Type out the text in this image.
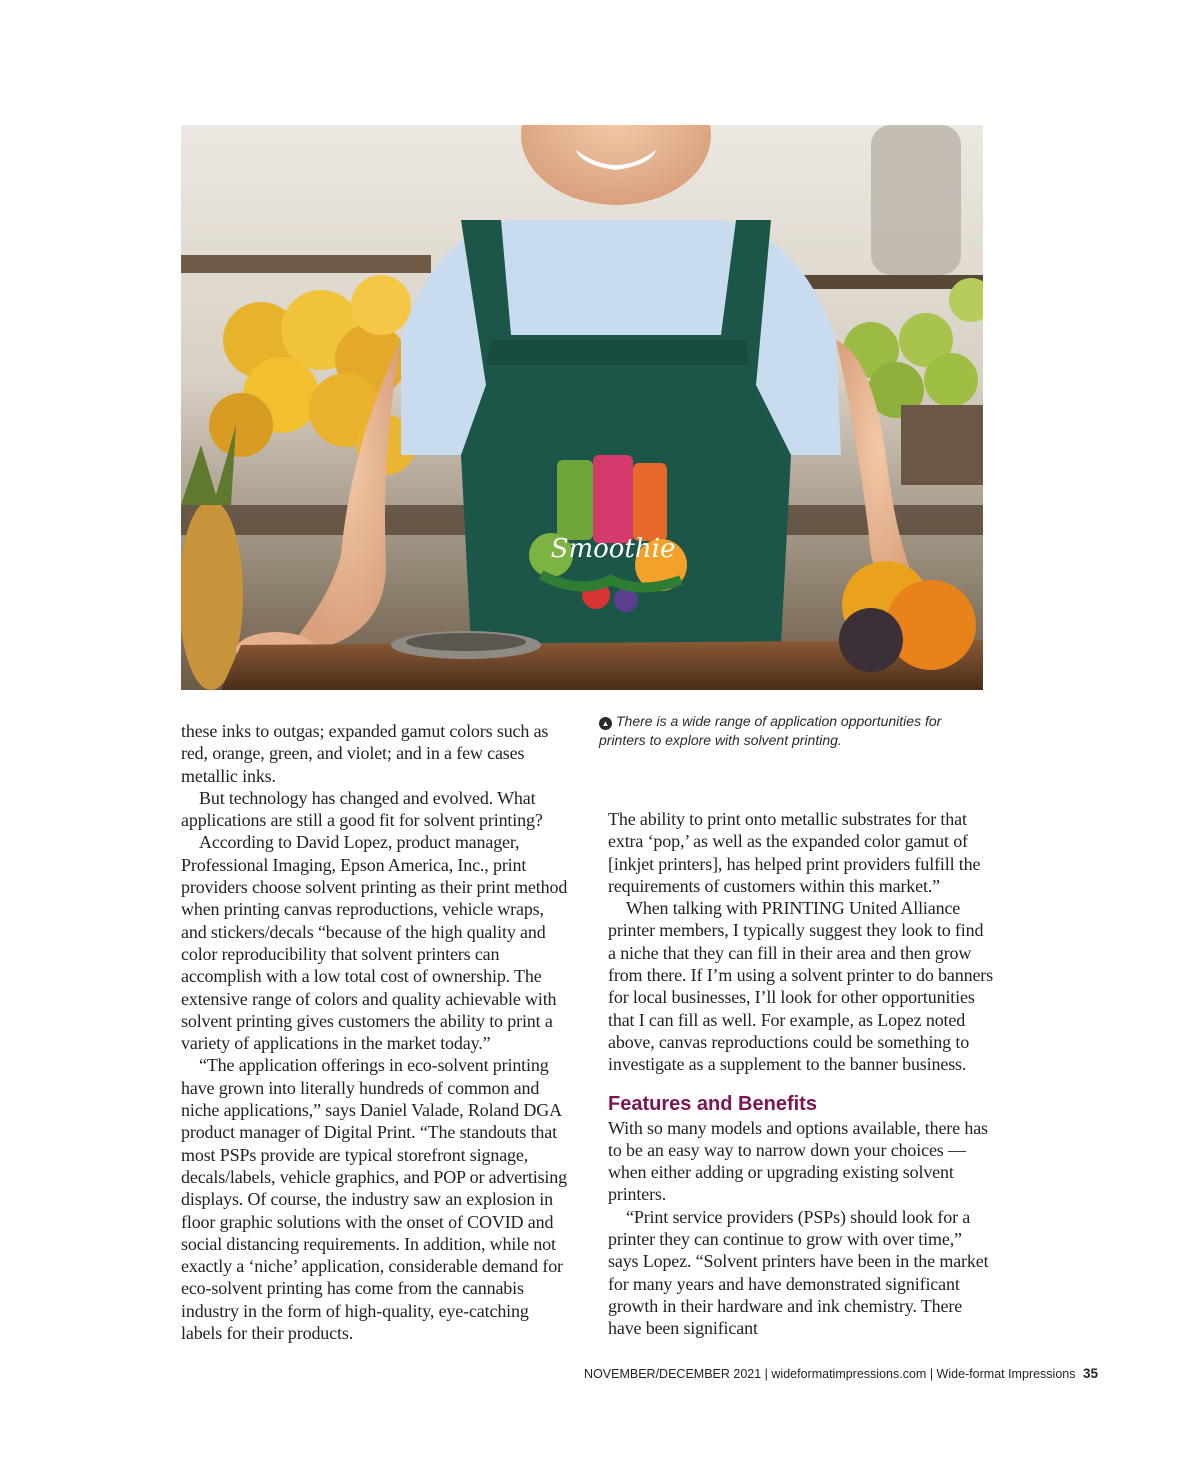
Smoothie
▲ There is a wide range of application opportunities for printers to explore with solvent printing.

these inks to outgas; expanded gamut colors such as red, orange, green, and violet; and in a few cases metallic inks.

But technology has changed and evolved. What applications are still a good fit for solvent printing?

According to David Lopez, product manager, Professional Imaging, Epson America, Inc., print providers choose solvent printing as their print method when printing canvas reproductions, vehicle wraps, and stickers/decals “because of the high quality and color reproducibility that solvent printers can accomplish with a low total cost of ownership. The extensive range of colors and quality achievable with solvent printing gives customers the ability to print a variety of applications in the market today.”

“The application offerings in eco-solvent printing have grown into literally hundreds of common and niche applications,” says Daniel Valade, Roland DGA product manager of Digital Print. “The standouts that most PSPs provide are typical storefront signage, decals/labels, vehicle graphics, and POP or advertising displays. Of course, the industry saw an explosion in floor graphic solutions with the onset of COVID and social distancing requirements. In addition, while not exactly a ‘niche’ application, considerable demand for eco-solvent printing has come from the cannabis industry in the form of high-quality, eye-catching labels for their products.

The ability to print onto metallic substrates for that extra ‘pop,’ as well as the expanded color gamut of [inkjet printers], has helped print providers fulfill the requirements of customers within this market.”

When talking with PRINTING United Alliance printer members, I typically suggest they look to find a niche that they can fill in their area and then grow from there. If I’m using a solvent printer to do banners for local businesses, I’ll look for other opportunities that I can fill as well. For example, as Lopez noted above, canvas reproductions could be something to investigate as a supplement to the banner business.

Features and Benefits

With so many models and options available, there has to be an easy way to narrow down your choices — when either adding or upgrading existing solvent printers.

“Print service providers (PSPs) should look for a printer they can continue to grow with over time,” says Lopez. “Solvent printers have been in the market for many years and have demonstrated significant growth in their hardware and ink chemistry. There have been significant

NOVEMBER/DECEMBER 2021 | wideformatimpressions.com | Wide-format Impressions 35
